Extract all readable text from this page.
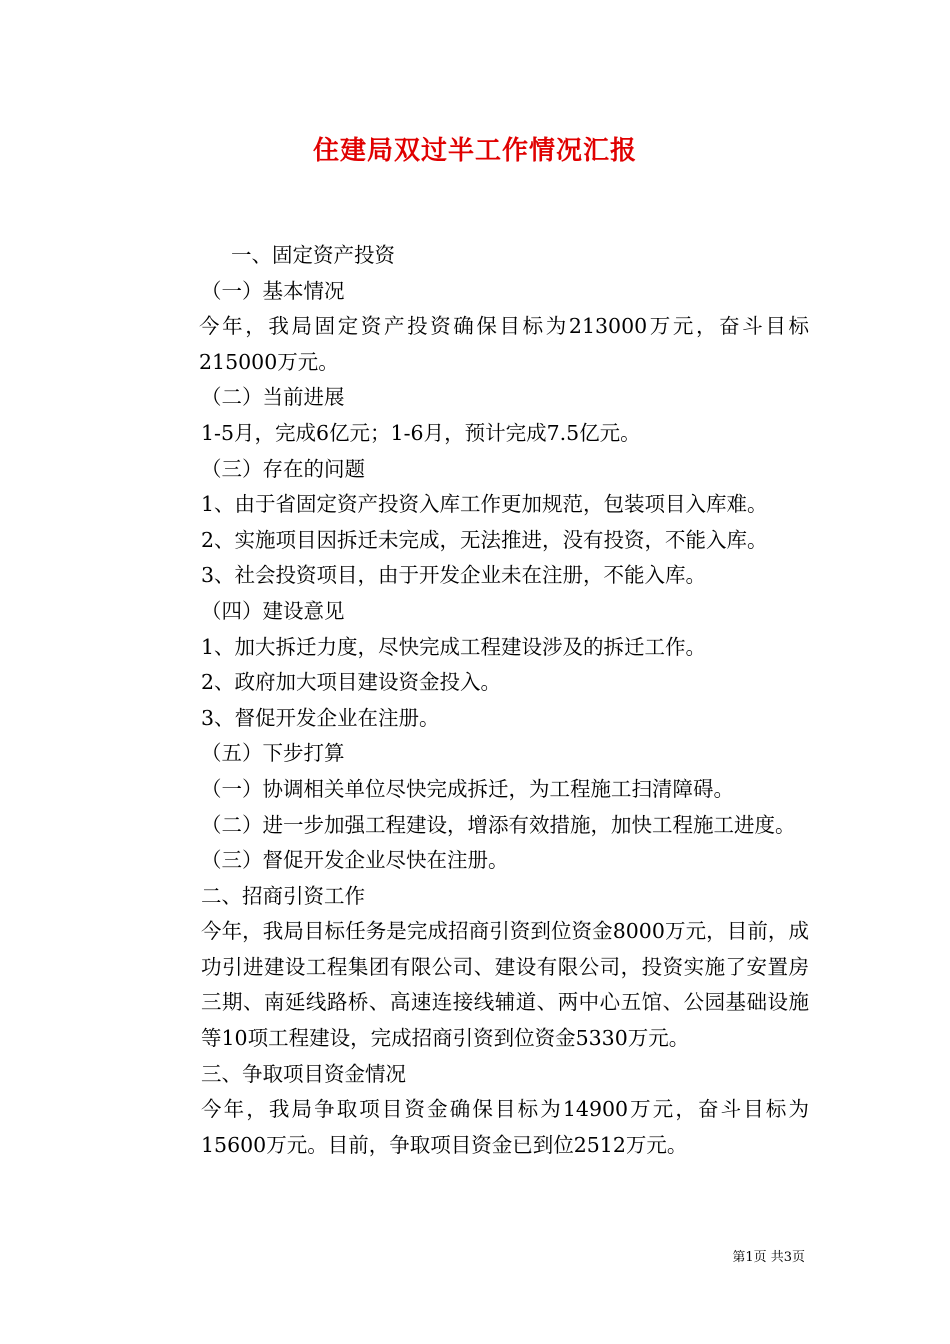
住建局双过半工作情况汇报

一、固定资产投资

（一）基本情况

今年，我局固定资产投资确保目标为213000万元，奋斗目标215000万元。

（二）当前进展

1-5月，完成6亿元；1-6月，预计完成7.5亿元。

（三）存在的问题

1、由于省固定资产投资入库工作更加规范，包装项目入库难。

2、实施项目因拆迁未完成，无法推进，没有投资，不能入库。

3、社会投资项目，由于开发企业未在注册，不能入库。

（四）建设意见

1、加大拆迁力度，尽快完成工程建设涉及的拆迁工作。

2、政府加大项目建设资金投入。

3、督促开发企业在注册。

（五）下步打算

（一）协调相关单位尽快完成拆迁，为工程施工扫清障碍。

（二）进一步加强工程建设，增添有效措施，加快工程施工进度。

（三）督促开发企业尽快在注册。

二、招商引资工作

今年，我局目标任务是完成招商引资到位资金8000万元，目前，成功引进建设工程集团有限公司、建设有限公司，投资实施了安置房三期、南延线路桥、高速连接线辅道、两中心五馆、公园基础设施等10项工程建设，完成招商引资到位资金5330万元。

三、争取项目资金情况

今年，我局争取项目资金确保目标为14900万元，奋斗目标为15600万元。目前，争取项目资金已到位2512万元。

第1页 共3页
